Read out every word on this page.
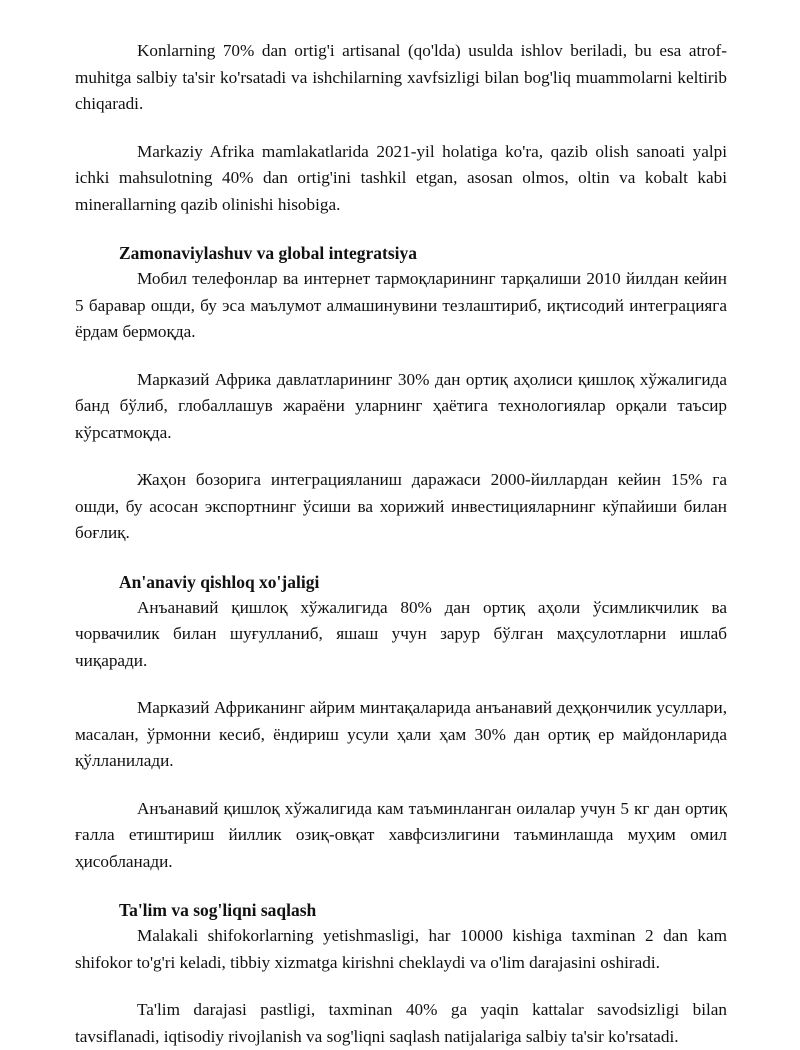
Konlarning 70% dan ortig'i artisanal (qo'lda) usulda ishlov beriladi, bu esa atrof-muhitga salbiy ta'sir ko'rsatadi va ishchilarning xavfsizligi bilan bog'liq muammolarni keltirib chiqaradi.

Markaziy Afrika mamlakatlarida 2021-yil holatiga ko'ra, qazib olish sanoati yalpi ichki mahsulotning 40% dan ortig'ini tashkil etgan, asosan olmos, oltin va kobalt kabi minerallarning qazib olinishi hisobiga.

Zamonaviylashuv va global integratsiya

Мобил телефонлар ва интернет тармоқларининг тарқалиши 2010 йилдан кейин 5 баравар ошди, бу эса маълумот алмашинувини тезлаштириб, иқтисодий интеграцияга ёрдам бермоқда.

Марказий Африка давлатларининг 30% дан ортиқ аҳолиси қишлоқ хўжалигида банд бўлиб, глобаллашув жараёни уларнинг ҳаётига технологиялар орқали таъсир кўрсатмоқда.

Жаҳон бозорига интеграцияланиш даражаси 2000-йиллардан кейин 15% га ошди, бу асосан экспортнинг ўсиши ва хорижий инвестицияларнинг кўпайиши билан боғлиқ.

An'anaviy qishloq xo'jaligi

Анъанавий қишлоқ хўжалигида 80% дан ортиқ аҳоли ўсимликчилик ва чорвачилик билан шуғулланиб, яшаш учун зарур бўлган маҳсулотларни ишлаб чиқаради.

Марказий Африканинг айрим минтақаларида анъанавий деҳқончилик усуллари, масалан, ўрмонни кесиб, ёндириш усули ҳали ҳам 30% дан ортиқ ер майдонларида қўлланилади.

Анъанавий қишлоқ хўжалигида кам таъминланган оилалар учун 5 кг дан ортиқ ғалла етиштириш йиллик озиқ-овқат хавфсизлигини таъминлашда муҳим омил ҳисобланади.

Ta'lim va sog'liqni saqlash

Malakali shifokorlarning yetishmasligi, har 10000 kishiga taxminan 2 dan kam shifokor to'g'ri keladi, tibbiy xizmatga kirishni cheklaydi va o'lim darajasini oshiradi.

Ta'lim darajasi pastligi, taxminan 40% ga yaqin kattalar savodsizligi bilan tavsiflanadi, iqtisodiy rivojlanish va sog'liqni saqlash natijalariga salbiy ta'sir ko'rsatadi.
